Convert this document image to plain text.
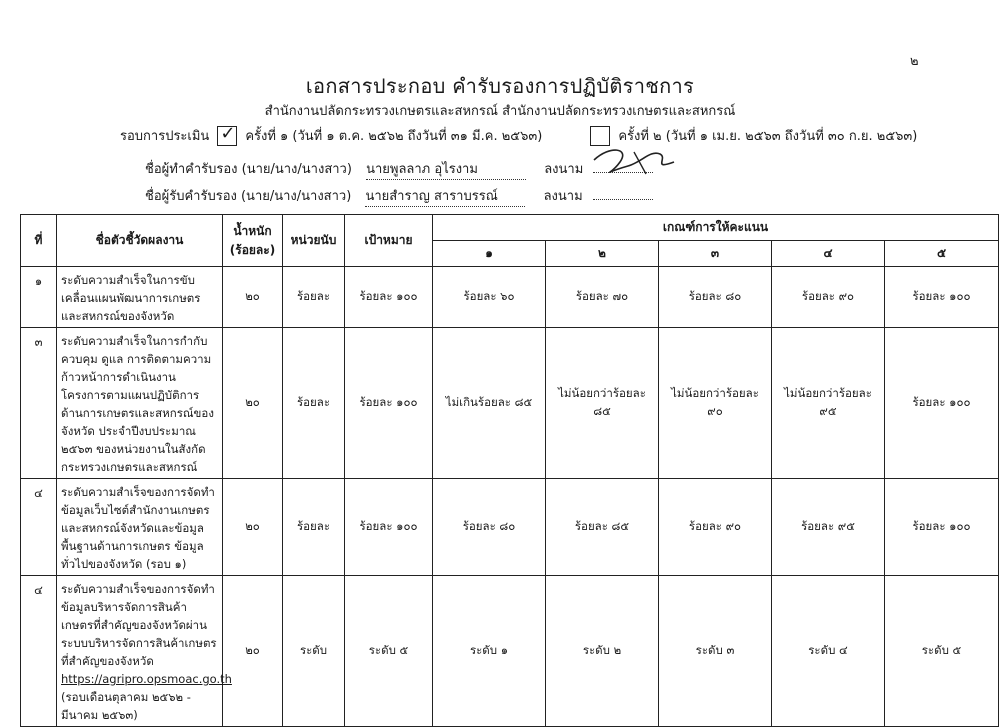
๒
เอกสารประกอบ คำรับรองการปฏิบัติราชการ
สำนักงานปลัดกระทรวงเกษตรและสหกรณ์ สำนักงานปลัดกระทรวงเกษตรและสหกรณ์
รอบการประเมิน ✓	ครั้งที่ ๑ (วันที่ ๑ ต.ค. ๒๕๖๒ ถึงวันที่ ๓๑ มี.ค. ๒๕๖๓)	ครั้งที่ ๒ (วันที่ ๑ เม.ย. ๒๕๖๓ ถึงวันที่ ๓๐ ก.ย. ๒๕๖๓)
ชื่อผู้ทำคำรับรอง (นาย/นาง/นางสาว) นายพูลลาภ อุไรงาม	ลงนาม
ชื่อผู้รับคำรับรอง (นาย/นาง/นางสาว) นายสำราญ สาราบรรณ์	ลงนาม
ที่	ชื่อตัวชี้วัดผลงาน	น้ำหนัก (ร้อยละ)	หน่วยนับ	เป้าหมาย	เกณฑ์การให้คะแนน				
					๑	๒	๓	๔	๕
๑	ระดับความสำเร็จในการขับเคลื่อนแผนพัฒนาการเกษตรและสหกรณ์ของจังหวัด	๒๐	ร้อยละ	ร้อยละ ๑๐๐	ร้อยละ ๖๐	ร้อยละ ๗๐	ร้อยละ ๘๐	ร้อยละ ๙๐	ร้อยละ ๑๐๐
๓	ระดับความสำเร็จในการกำกับควบคุม ดูแล การติดตามความก้าวหน้าการดำเนินงานโครงการตามแผนปฏิบัติการด้านการเกษตรและสหกรณ์ของจังหวัด ประจำปีงบประมาณ ๒๕๖๓ ของหน่วยงานในสังกัดกระทรวงเกษตรและสหกรณ์	๒๐	ร้อยละ	ร้อยละ ๑๐๐	ไม่เกินร้อยละ ๘๕	ไม่น้อยกว่าร้อยละ ๘๕	ไม่น้อยกว่าร้อยละ ๙๐	ไม่น้อยกว่าร้อยละ ๙๕	ร้อยละ ๑๐๐
๔	ระดับความสำเร็จของการจัดทำข้อมูลเว็บไซต์สำนักงานเกษตรและสหกรณ์จังหวัดและข้อมูลพื้นฐานด้านการเกษตร ข้อมูลทั่วไปของจังหวัด (รอบ ๑)	๒๐	ร้อยละ	ร้อยละ ๑๐๐	ร้อยละ ๘๐	ร้อยละ ๘๕	ร้อยละ ๙๐	ร้อยละ ๙๕	ร้อยละ ๑๐๐
๔	ระดับความสำเร็จของการจัดทำข้อมูลบริหารจัดการสินค้าเกษตรที่สำคัญของจังหวัดผ่านระบบบริหารจัดการสินค้าเกษตรที่สำคัญของจังหวัด https://agripro.opsmoac.go.th (รอบเดือนตุลาคม ๒๕๖๒ - มีนาคม ๒๕๖๓)	๒๐	ระดับ	ระดับ ๕	ระดับ ๑	ระดับ ๒	ระดับ ๓	ระดับ ๔	ระดับ ๕
